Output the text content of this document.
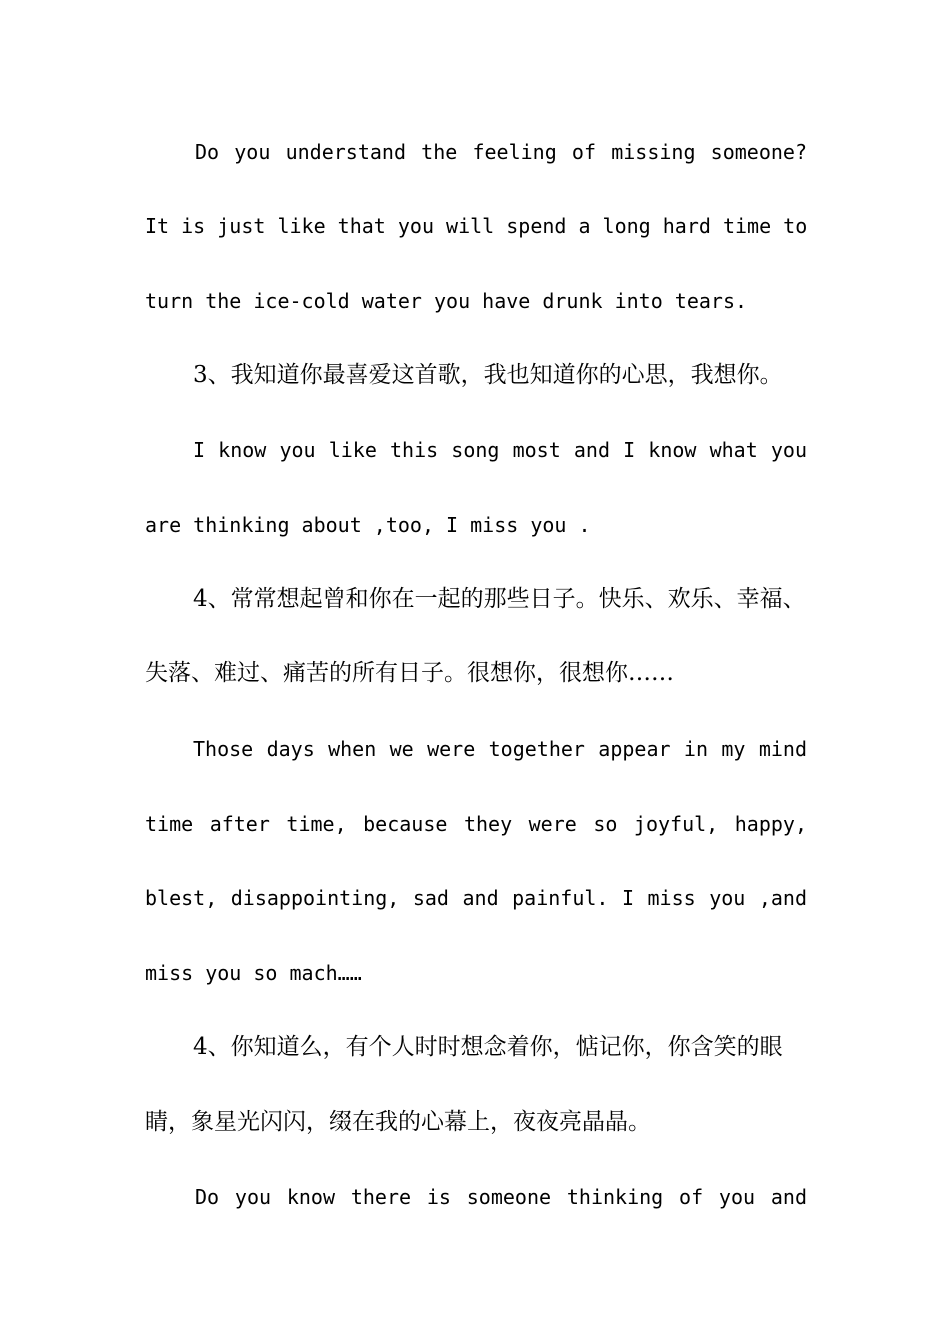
Do you understand the feeling of missing someone?
It is just like that you will spend a long hard time to
turn the ice-cold water you have drunk into tears.
3、我知道你最喜爱这首歌，我也知道你的心思，我想你。
I know you like this song most and I know what you
are thinking about ,too, I miss you .
4、常常想起曾和你在一起的那些日子。快乐、欢乐、幸福、
失落、难过、痛苦的所有日子。很想你，很想你……
Those days when we were together appear in my mind
time after time, because they were so joyful, happy,
blest, disappointing, sad and painful. I miss you ,and
miss you so mach……
4、你知道么，有个人时时想念着你，惦记你，你含笑的眼
睛，象星光闪闪，缀在我的心幕上，夜夜亮晶晶。
Do you know there is someone thinking of you and
